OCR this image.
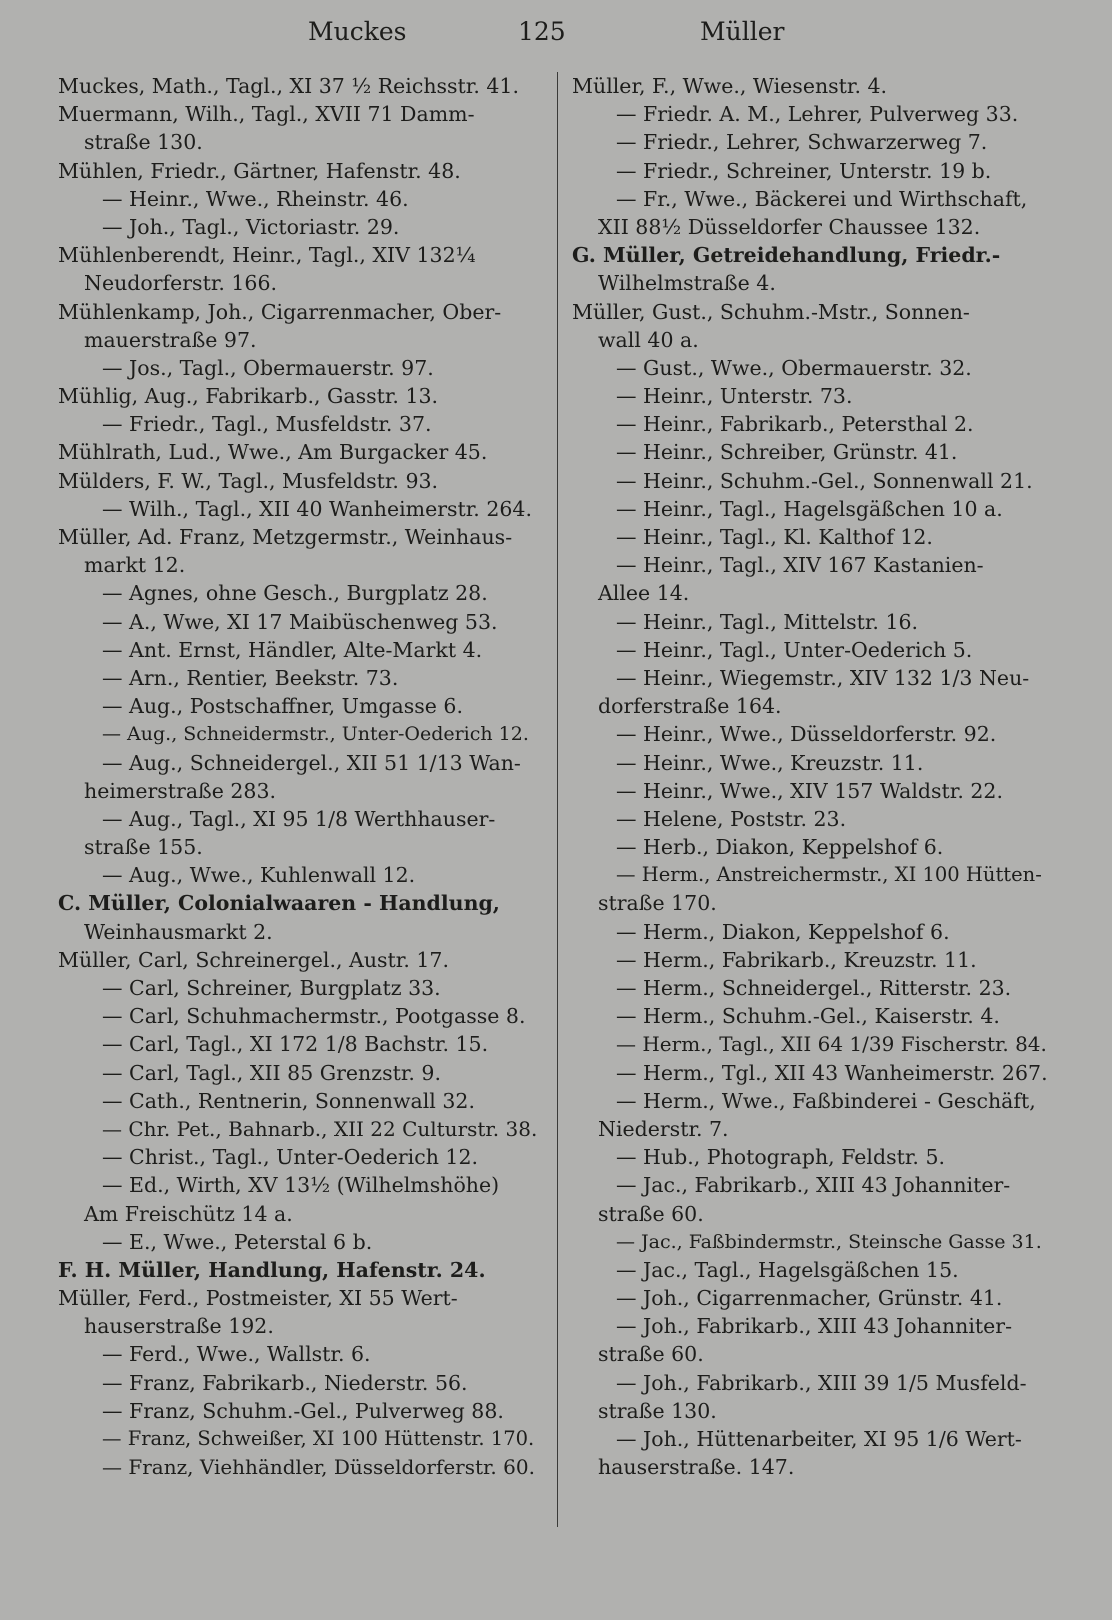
Muckes	125	Müller
Muckes, Math., Tagl., XI 37 ½ Reichsstr. 41.
Muermann, Wilh., Tagl., XVII 71 Damm-
straße 130.
Mühlen, Friedr., Gärtner, Hafenstr. 48.
— Heinr., Wwe., Rheinstr. 46.
— Joh., Tagl., Victoriastr. 29.
Mühlenberendt, Heinr., Tagl., XIV 132¼
Neudorferstr. 166.
Mühlenkamp, Joh., Cigarrenmacher, Ober-
mauerstraße 97.
— Jos., Tagl., Obermauerstr. 97.
Mühlig, Aug., Fabrikarb., Gasstr. 13.
— Friedr., Tagl., Musfeldstr. 37.
Mühlrath, Lud., Wwe., Am Burgacker 45.
Mülders, F. W., Tagl., Musfeldstr. 93.
— Wilh., Tagl., XII 40 Wanheimerstr. 264.
Müller, Ad. Franz, Metzgermstr., Weinhaus-
markt 12.
— Agnes, ohne Gesch., Burgplatz 28.
— A., Wwe, XI 17 Maibüschenweg 53.
— Ant. Ernst, Händler, Alte-Markt 4.
— Arn., Rentier, Beekstr. 73.
— Aug., Postschaffner, Umgasse 6.
— Aug., Schneidermstr., Unter-Oederich 12.
— Aug., Schneidergel., XII 51 1/13 Wan-
heimerstraße 283.
— Aug., Tagl., XI 95 1/8 Werthhauser-
straße 155.
— Aug., Wwe., Kuhlenwall 12.
C. Müller, Colonialwaaren - Handlung,
Weinhausmarkt 2.
Müller, Carl, Schreinergel., Austr. 17.
— Carl, Schreiner, Burgplatz 33.
— Carl, Schuhmachermstr., Pootgasse 8.
— Carl, Tagl., XI 172 1/8 Bachstr. 15.
— Carl, Tagl., XII 85 Grenzstr. 9.
— Cath., Rentnerin, Sonnenwall 32.
— Chr. Pet., Bahnarb., XII 22 Culturstr. 38.
— Christ., Tagl., Unter-Oederich 12.
— Ed., Wirth, XV 13½ (Wilhelmshöhe)
Am Freischütz 14 a.
— E., Wwe., Peterstal 6 b.
F. H. Müller, Handlung, Hafenstr. 24.
Müller, Ferd., Postmeister, XI 55 Wert-
hauserstraße 192.
— Ferd., Wwe., Wallstr. 6.
— Franz, Fabrikarb., Niederstr. 56.
— Franz, Schuhm.-Gel., Pulverweg 88.
— Franz, Schweißer, XI 100 Hüttenstr. 170.
— Franz, Viehhändler, Düsseldorferstr. 60.
Müller, F., Wwe., Wiesenstr. 4.
— Friedr. A. M., Lehrer, Pulverweg 33.
— Friedr., Lehrer, Schwarzerweg 7.
— Friedr., Schreiner, Unterstr. 19 b.
— Fr., Wwe., Bäckerei und Wirthschaft,
XII 88½ Düsseldorfer Chaussee 132.
G. Müller, Getreidehandlung, Friedr.-
Wilhelmstraße 4.
Müller, Gust., Schuhm.-Mstr., Sonnen-
wall 40 a.
— Gust., Wwe., Obermauerstr. 32.
— Heinr., Unterstr. 73.
— Heinr., Fabrikarb., Petersthal 2.
— Heinr., Schreiber, Grünstr. 41.
— Heinr., Schuhm.-Gel., Sonnenwall 21.
— Heinr., Tagl., Hagelsgäßchen 10 a.
— Heinr., Tagl., Kl. Kalthof 12.
— Heinr., Tagl., XIV 167 Kastanien-
Allee 14.
— Heinr., Tagl., Mittelstr. 16.
— Heinr., Tagl., Unter-Oederich 5.
— Heinr., Wiegemstr., XIV 132 1/3 Neu-
dorferstraße 164.
— Heinr., Wwe., Düsseldorferstr. 92.
— Heinr., Wwe., Kreuzstr. 11.
— Heinr., Wwe., XIV 157 Waldstr. 22.
— Helene, Poststr. 23.
— Herb., Diakon, Keppelshof 6.
— Herm., Anstreichermstr., XI 100 Hütten-
straße 170.
— Herm., Diakon, Keppelshof 6.
— Herm., Fabrikarb., Kreuzstr. 11.
— Herm., Schneidergel., Ritterstr. 23.
— Herm., Schuhm.-Gel., Kaiserstr. 4.
— Herm., Tagl., XII 64 1/39 Fischerstr. 84.
— Herm., Tgl., XII 43 Wanheimerstr. 267.
— Herm., Wwe., Faßbinderei - Geschäft,
Niederstr. 7.
— Hub., Photograph, Feldstr. 5.
— Jac., Fabrikarb., XIII 43 Johanniter-
straße 60.
— Jac., Faßbindermstr., Steinsche Gasse 31.
— Jac., Tagl., Hagelsgäßchen 15.
— Joh., Cigarrenmacher, Grünstr. 41.
— Joh., Fabrikarb., XIII 43 Johanniter-
straße 60.
— Joh., Fabrikarb., XIII 39 1/5 Musfeld-
straße 130.
— Joh., Hüttenarbeiter, XI 95 1/6 Wert-
hauserstraße. 147.
